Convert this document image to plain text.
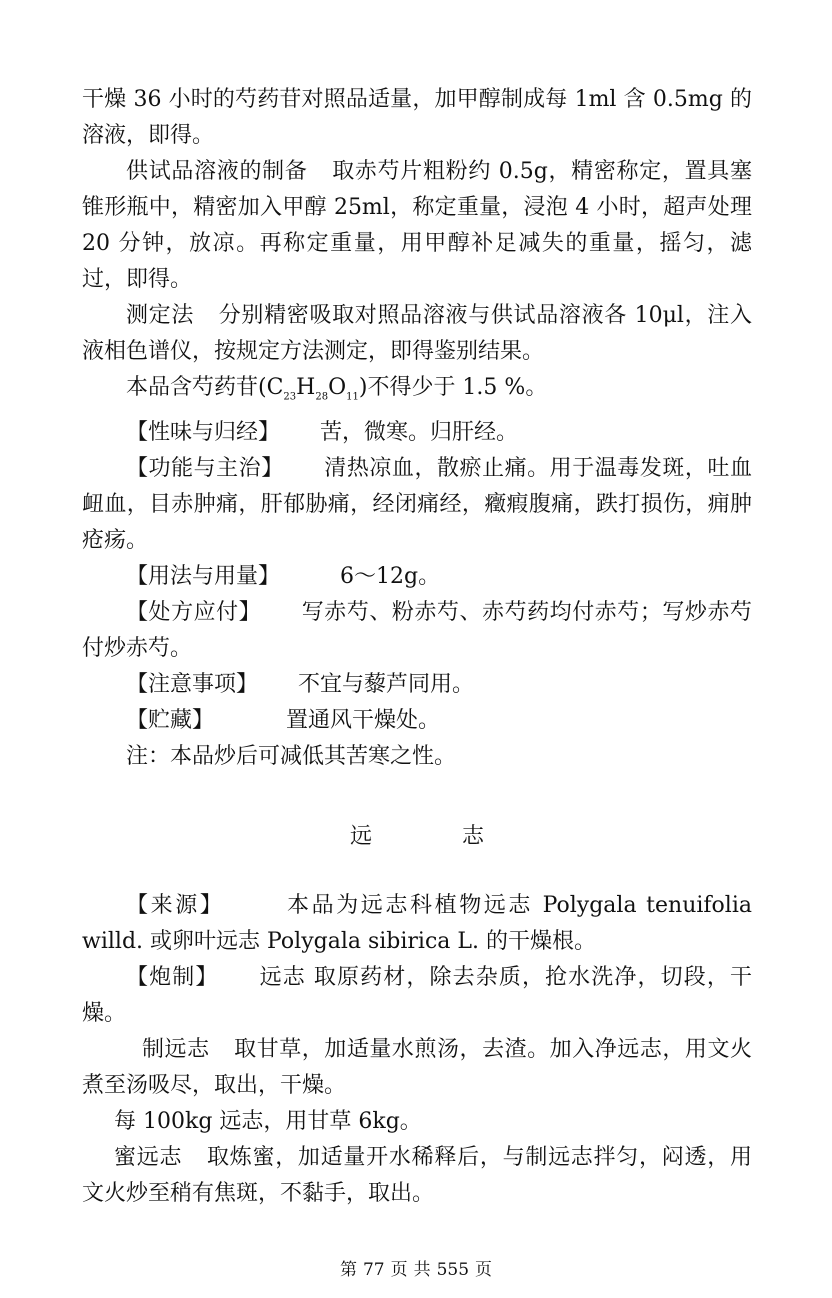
干燥 36 小时的芍药苷对照品适量，加甲醇制成每 1ml 含 0.5mg 的溶液，即得。

供试品溶液的制备 取赤芍片粗粉约 0.5g，精密称定，置具塞锥形瓶中，精密加入甲醇 25ml，称定重量，浸泡 4 小时，超声处理 20 分钟，放凉。再称定重量，用甲醇补足减失的重量，摇匀，滤过，即得。

测定法 分别精密吸取对照品溶液与供试品溶液各 10μl，注入液相色谱仪，按规定方法测定，即得鉴别结果。

本品含芍药苷$(C_{23}H_{28}O_{11})$不得少于 1.5 %。

【性味与归经】 苦，微寒。归肝经。

【功能与主治】 清热凉血，散瘀止痛。用于温毒发斑，吐血衄血，目赤肿痛，肝郁胁痛，经闭痛经，癥瘕腹痛，跌打损伤，痈肿疮疡。

【用法与用量】	6～12g。

【处方应付】 写赤芍、粉赤芍、赤芍药均付赤芍；写炒赤芍付炒赤芍。

【注意事项】 不宜与藜芦同用。

【贮藏】	置通风干燥处。

注：本品炒后可减低其苦寒之性。

远	志

【来源】	本品为远志科植物远志 Polygala tenuifolia willd. 或卵叶远志 Polygala sibirica L. 的干燥根。

【炮制】 远志 取原药材，除去杂质，抢水洗净，切段，干燥。

制远志 取甘草，加适量水煎汤，去渣。加入净远志，用文火煮至汤吸尽，取出，干燥。

每 100kg 远志，用甘草 6kg。

蜜远志 取炼蜜，加适量开水稀释后，与制远志拌匀，闷透，用文火炒至稍有焦斑，不黏手，取出。

第 77 页 共 555 页
